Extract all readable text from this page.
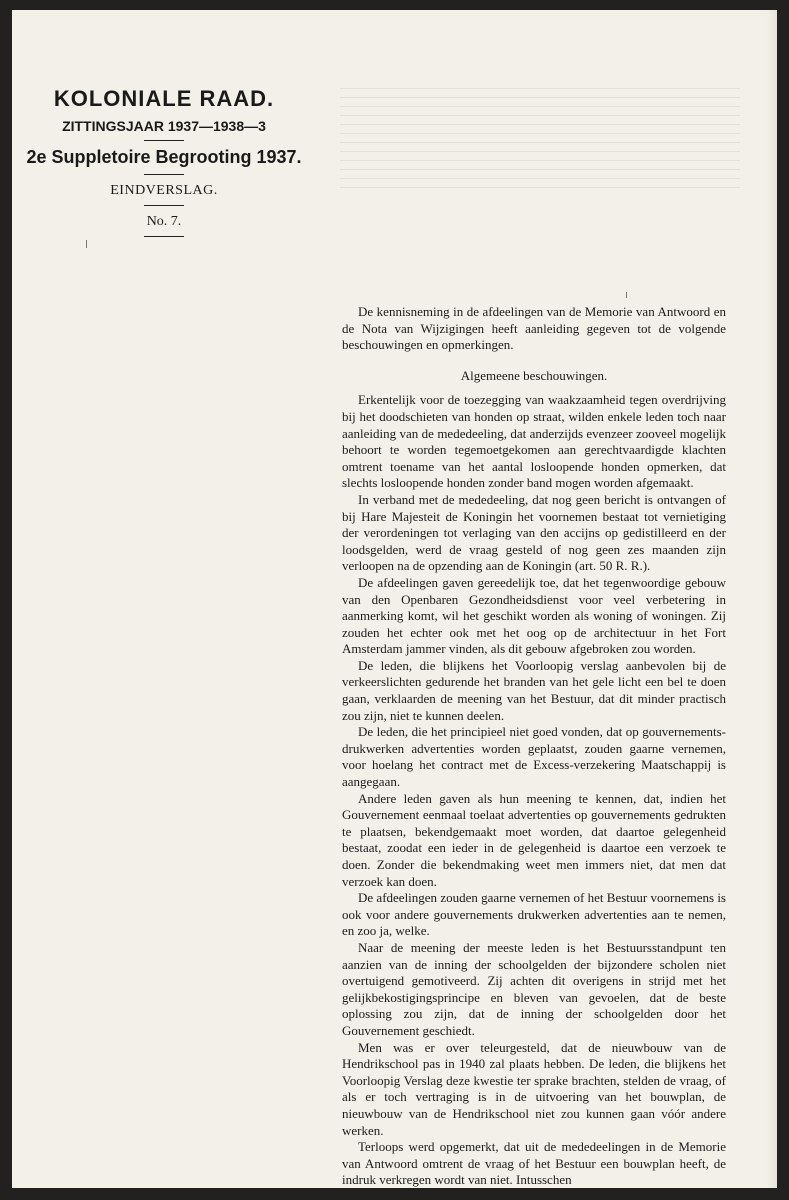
KOLONIALE RAAD.
ZITTINGSJAAR 1937—1938—3
2e Suppletoire Begrooting 1937.
EINDVERSLAG.
No. 7.

De kennisneming in de afdeelingen van de Memorie van Antwoord en de Nota van Wijzigingen heeft aanleiding gegeven tot de volgende beschouwingen en opmerkingen.

Algemeene beschouwingen.

Erkentelijk voor de toezegging van waakzaamheid tegen overdrijving bij het doodschieten van honden op straat, wilden enkele leden toch naar aanleiding van de mededeeling, dat anderzijds evenzeer zooveel mogelijk behoort te worden tegemoetgekomen aan gerechtvaardigde klachten omtrent toename van het aantal losloopende honden opmerken, dat slechts losloopende honden zonder band mogen worden afgemaakt.

In verband met de mededeeling, dat nog geen bericht is ontvangen of bij Hare Majesteit de Koningin het voornemen bestaat tot vernietiging der verordeningen tot verlaging van den accijns op gedistilleerd en der loodsgelden, werd de vraag gesteld of nog geen zes maanden zijn verloopen na de opzending aan de Koningin (art. 50 R. R.).

De afdeelingen gaven gereedelijk toe, dat het tegenwoordige gebouw van den Openbaren Gezondheidsdienst voor veel verbetering in aanmerking komt, wil het geschikt worden als woning of woningen. Zij zouden het echter ook met het oog op de architectuur in het Fort Amsterdam jammer vinden, als dit gebouw afgebroken zou worden.

De leden, die blijkens het Voorloopig verslag aanbevolen bij de verkeerslichten gedurende het branden van het gele licht een bel te doen gaan, verklaarden de meening van het Bestuur, dat dit minder practisch zou zijn, niet te kunnen deelen.

De leden, die het principieel niet goed vonden, dat op gouvernements-drukwerken advertenties worden geplaatst, zouden gaarne vernemen, voor hoelang het contract met de Excess-verzekering Maatschappij is aangegaan.

Andere leden gaven als hun meening te kennen, dat, indien het Gouvernement eenmaal toelaat advertenties op gouvernements gedrukten te plaatsen, bekendgemaakt moet worden, dat daartoe gelegenheid bestaat, zoodat een ieder in de gelegenheid is daartoe een verzoek te doen. Zonder die bekendmaking weet men immers niet, dat men dat verzoek kan doen.

De afdeelingen zouden gaarne vernemen of het Bestuur voornemens is ook voor andere gouvernements drukwerken advertenties aan te nemen, en zoo ja, welke.

Naar de meening der meeste leden is het Bestuursstandpunt ten aanzien van de inning der schoolgelden der bijzondere scholen niet overtuigend gemotiveerd. Zij achten dit overigens in strijd met het gelijkbekostigingsprincipe en bleven van gevoelen, dat de beste oplossing zou zijn, dat de inning der schoolgelden door het Gouvernement geschiedt.

Men was er over teleurgesteld, dat de nieuwbouw van de Hendrikschool pas in 1940 zal plaats hebben. De leden, die blijkens het Voorloopig Verslag deze kwestie ter sprake brachten, stelden de vraag, of als er toch vertraging is in de uitvoering van het bouwplan, de nieuwbouw van de Hendrikschool niet zou kunnen gaan vóór andere werken.

Terloops werd opgemerkt, dat uit de mededeelingen in de Memorie van Antwoord omtrent de vraag of het Bestuur een bouwplan heeft, de indruk verkregen wordt van niet. Intusschen
